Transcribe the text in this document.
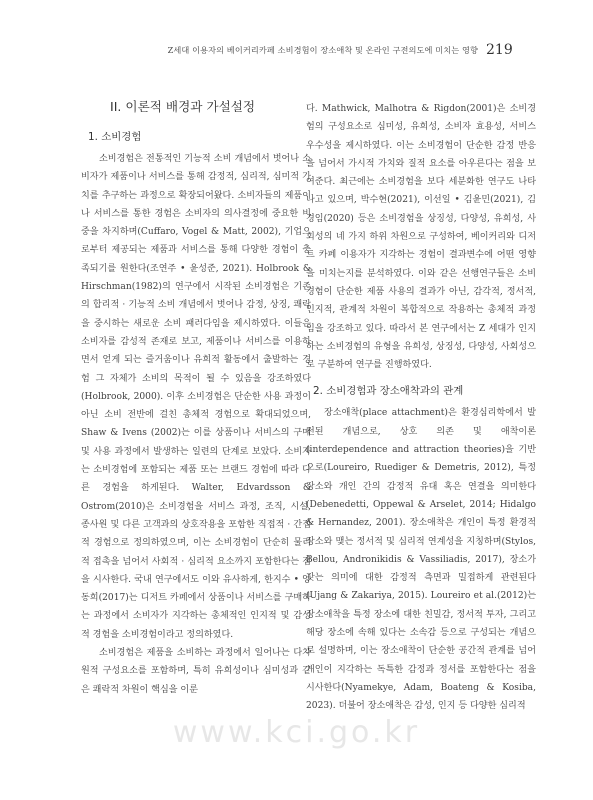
Z세대 이용자의 베이커리카페 소비경험이 장소애착 및 온라인 구전의도에 미치는 영향 219
II. 이론적 배경과 가설설정
1. 소비경험

소비경험은 전통적인 기능적 소비 개념에서 벗어나 소비자가 제품이나 서비스를 통해 감정적, 심리적, 심미적 가치를 추구하는 과정으로 확장되어왔다. 소비자들의 제품이나 서비스를 통한 경험은 소비자의 의사결정에 중요한 비중을 차지하며(Cuffaro, Vogel & Matt, 2002), 기업으로부터 제공되는 제품과 서비스를 통해 다양한 경험이 충족되기를 원한다(조연주 • 윤성준, 2021). Holbrook & Hirschman(1982)의 연구에서 시작된 소비경험은 기존의 합리적 · 기능적 소비 개념에서 벗어나 감정, 상징, 쾌락을 중시하는 새로운 소비 패러다임을 제시하였다. 이들은 소비자를 감성적 존재로 보고, 제품이나 서비스를 이용하면서 얻게 되는 즐거움이나 유희적 활동에서 출발하는 경험 그 자체가 소비의 목적이 될 수 있음을 강조하였다(Holbrook, 2000). 이후 소비경험은 단순한 사용 과정이 아닌 소비 전반에 걸친 총체적 경험으로 확대되었으며, Shaw & Ivens (2002)는 이를 상품이나 서비스의 구매 및 사용 과정에서 발생하는 일련의 단계로 보았다. 소비자는 소비경험에 포함되는 제품 또는 브랜드 경험에 따라 다른 경험을 하게된다. Walter, Edvardsson & Ostrom(2010)은 소비경험을 서비스 과정, 조직, 시설, 종사원 및 다른 고객과의 상호작용을 포함한 직접적 · 간접적 경험으로 정의하였으며, 이는 소비경험이 단순히 물리적 접촉을 넘어서 사회적 · 심리적 요소까지 포함한다는 점을 시사한다. 국내 연구에서도 이와 유사하게, 한지수 • 양동희(2017)는 디저트 카페에서 상품이나 서비스를 구매하는 과정에서 소비자가 지각하는 총체적인 인지적 및 감성적 경험을 소비경험이라고 정의하였다.

소비경험은 제품을 소비하는 과정에서 일어나는 다차원적 구성요소를 포함하며, 특히 유희성이나 심미성과 같은 쾌락적 차원이 핵심을 이룬

다. Mathwick, Malhotra & Rigdon(2001)은 소비경험의 구성요소로 심미성, 유희성, 소비자 효용성, 서비스 우수성을 제시하였다. 이는 소비경험이 단순한 감정 반응을 넘어서 가시적 가치와 질적 요소를 아우른다는 점을 보여준다. 최근에는 소비경험을 보다 세분화한 연구도 나타나고 있으며, 박수현(2021), 이선일 • 김윤민(2021), 김경임(2020) 등은 소비경험을 상징성, 다양성, 유희성, 사회성의 네 가지 하위 차원으로 구성하여, 베이커리와 디저트 카페 이용자가 지각하는 경험이 결과변수에 어떤 영향을 미치는지를 분석하였다. 이와 같은 선행연구들은 소비경험이 단순한 제품 사용의 결과가 아닌, 감각적, 정서적, 인지적, 관계적 차원이 복합적으로 작용하는 총체적 과정임을 강조하고 있다. 따라서 본 연구에서는 Z 세대가 인지하는 소비경험의 유형을 유희성, 상징성, 다양성, 사회성으로 구분하여 연구를 진행하였다.

2. 소비경험과 장소애착과의 관계

장소애착(place attachment)은 환경심리학에서 발전된 개념으로, 상호 의존 및 애착이론(interdependence and attraction theories)을 기반으로(Loureiro, Ruediger & Demetris, 2012), 특정 장소와 개인 간의 감정적 유대 혹은 연결을 의미한다(Debenedetti, Oppewal & Arselet, 2014; Hidalgo & Hernandez, 2001). 장소애착은 개인이 특정 환경적 장소와 맺는 정서적 및 심리적 연계성을 지칭하며(Stylos, Bellou, Andronikidis & Vassiliadis, 2017), 장소가 갖는 의미에 대한 감정적 측면과 밀접하게 관련된다(Ujang & Zakariya, 2015). Loureiro et al.(2012)는 장소애착을 특정 장소에 대한 친밀감, 정서적 투자, 그리고 해당 장소에 속해 있다는 소속감 등으로 구성되는 개념으로 설명하며, 이는 장소애착이 단순한 공간적 관계를 넘어 개인이 지각하는 독특한 감정과 정서를 포함한다는 점을 시사한다(Nyamekye, Adam, Boateng & Kosiba, 2023). 더불어 장소애착은 감성, 인지 등 다양한 심리적

www.kci.go.kr
